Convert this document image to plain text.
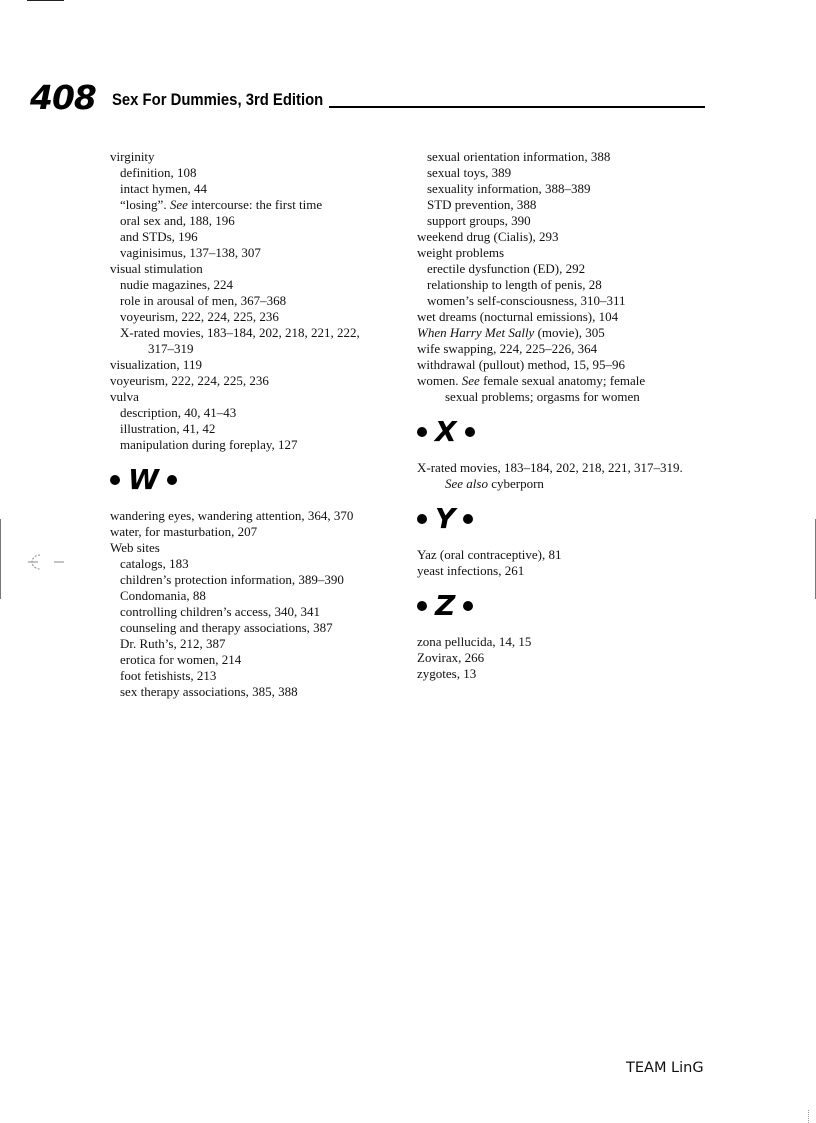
408 Sex For Dummies, 3rd Edition
virginity
definition, 108
intact hymen, 44
“losing”. See intercourse: the first time
oral sex and, 188, 196
and STDs, 196
vaginisimus, 137–138, 307
visual stimulation
nudie magazines, 224
role in arousal of men, 367–368
voyeurism, 222, 224, 225, 236
X-rated movies, 183–184, 202, 218, 221, 222,
317–319
visualization, 119
voyeurism, 222, 224, 225, 236
vulva
description, 40, 41–43
illustration, 41, 42
manipulation during foreplay, 127
W
wandering eyes, wandering attention, 364, 370
water, for masturbation, 207
Web sites
catalogs, 183
children’s protection information, 389–390
Condomania, 88
controlling children’s access, 340, 341
counseling and therapy associations, 387
Dr. Ruth’s, 212, 387
erotica for women, 214
foot fetishists, 213
sex therapy associations, 385, 388
sexual orientation information, 388
sexual toys, 389
sexuality information, 388–389
STD prevention, 388
support groups, 390
weekend drug (Cialis), 293
weight problems
erectile dysfunction (ED), 292
relationship to length of penis, 28
women’s self-consciousness, 310–311
wet dreams (nocturnal emissions), 104
When Harry Met Sally (movie), 305
wife swapping, 224, 225–226, 364
withdrawal (pullout) method, 15, 95–96
women. See female sexual anatomy; female
sexual problems; orgasms for women
X
X-rated movies, 183–184, 202, 218, 221, 317–319.
See also cyberporn
Y
Yaz (oral contraceptive), 81
yeast infections, 261
Z
zona pellucida, 14, 15
Zovirax, 266
zygotes, 13
TEAM LinG
